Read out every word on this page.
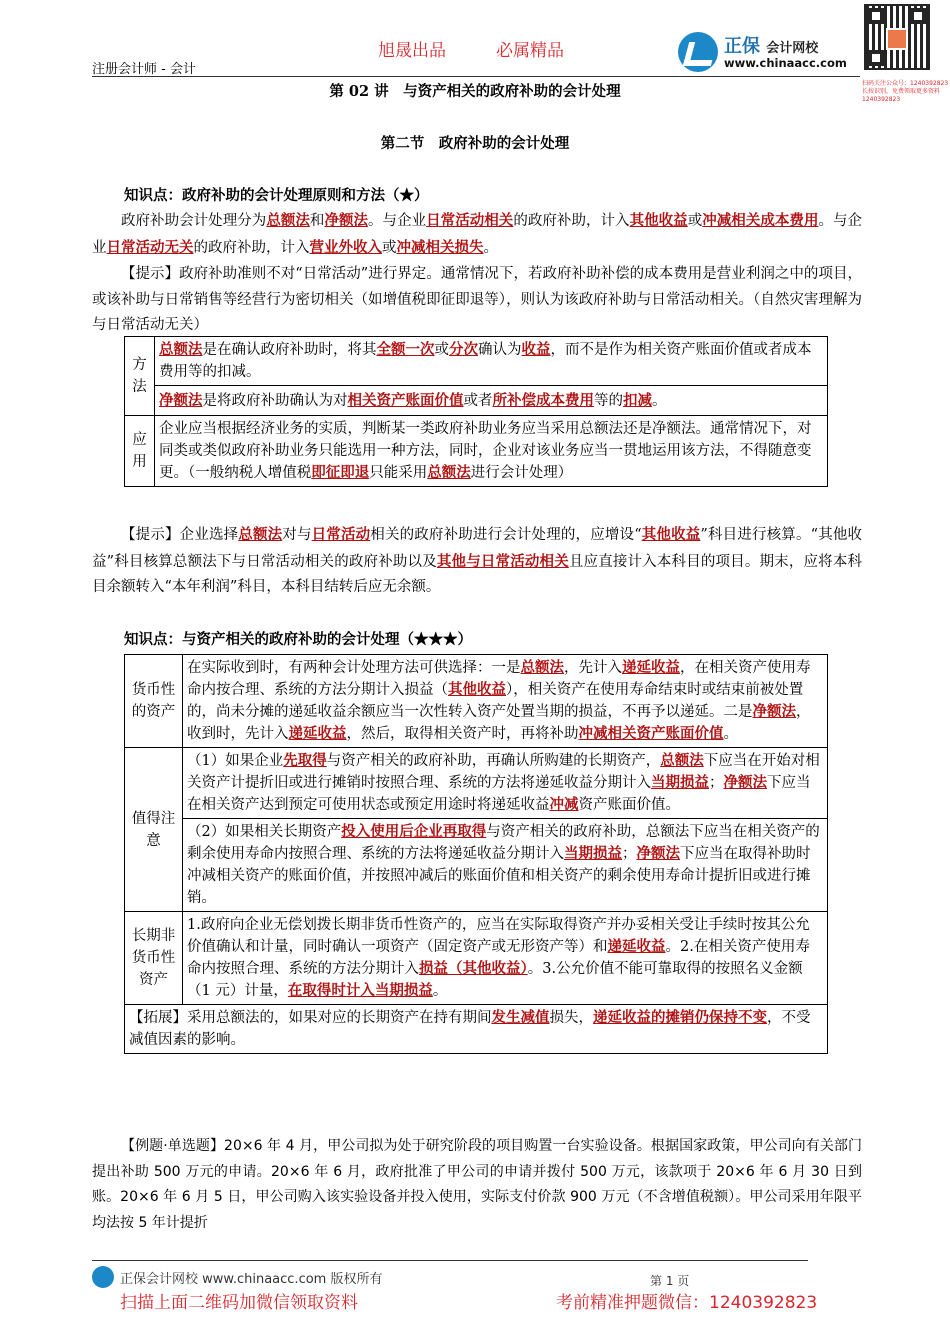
旭晟出品	必属精品
注册会计师 - 会计
正保 会计网校
www.chinaacc.com
扫码关注公众号：1240392823 长按识别，免费领取更多资料 1240392823
第 02 讲　与资产相关的政府补助的会计处理
第二节　政府补助的会计处理
知识点：政府补助的会计处理原则和方法（★）
政府补助会计处理分为总额法和净额法。与企业日常活动相关的政府补助，计入其他收益或冲减相关成本费用。与企业日常活动无关的政府补助，计入营业外收入或冲减相关损失。
【提示】政府补助准则不对“日常活动”进行界定。通常情况下，若政府补助补偿的成本费用是营业利润之中的项目，或该补助与日常销售等经营行为密切相关（如增值税即征即退等），则认为该政府补助与日常活动相关。（自然灾害理解为与日常活动无关）
方法	总额法是在确认政府补助时，将其全额一次或分次确认为收益，而不是作为相关资产账面价值或者成本费用等的扣减。
	净额法是将政府补助确认为对相关资产账面价值或者所补偿成本费用等的扣减。
应用	企业应当根据经济业务的实质，判断某一类政府补助业务应当采用总额法还是净额法。通常情况下，对同类或类似政府补助业务只能选用一种方法，同时，企业对该业务应当一贯地运用该方法，不得随意变更。（一般纳税人增值税即征即退只能采用总额法进行会计处理）
【提示】企业选择总额法对与日常活动相关的政府补助进行会计处理的，应增设“其他收益”科目进行核算。“其他收益”科目核算总额法下与日常活动相关的政府补助以及其他与日常活动相关且应直接计入本科目的项目。期末，应将本科目余额转入“本年利润”科目，本科目结转后应无余额。
知识点：与资产相关的政府补助的会计处理（★★★）
货币性的资产	在实际收到时，有两种会计处理方法可供选择：一是总额法，先计入递延收益，在相关资产使用寿命内按合理、系统的方法分期计入损益（其他收益），相关资产在使用寿命结束时或结束前被处置的，尚未分摊的递延收益余额应当一次性转入资产处置当期的损益，不再予以递延。二是净额法，收到时，先计入递延收益，然后，取得相关资产时，再将补助冲减相关资产账面价值。
值得注意	（1）如果企业先取得与资产相关的政府补助，再确认所购建的长期资产，总额法下应当在开始对相关资产计提折旧或进行摊销时按照合理、系统的方法将递延收益分期计入当期损益；净额法下应当在相关资产达到预定可使用状态或预定用途时将递延收益冲减资产账面价值。
	（2）如果相关长期资产投入使用后企业再取得与资产相关的政府补助，总额法下应当在相关资产的剩余使用寿命内按照合理、系统的方法将递延收益分期计入当期损益；净额法下应当在取得补助时冲减相关资产的账面价值，并按照冲减后的账面价值和相关资产的剩余使用寿命计提折旧或进行摊销。
长期非货币性资产	1.政府向企业无偿划拨长期非货币性资产的，应当在实际取得资产并办妥相关受让手续时按其公允价值确认和计量，同时确认一项资产（固定资产或无形资产等）和递延收益。2.在相关资产使用寿命内按照合理、系统的方法分期计入损益（其他收益）。3.公允价值不能可靠取得的按照名义金额（1 元）计量，在取得时计入当期损益。
【拓展】采用总额法的，如果对应的长期资产在持有期间发生减值损失，递延收益的摊销仍保持不变，不受减值因素的影响。	
【例题·单选题】20×6 年 4 月，甲公司拟为处于研究阶段的项目购置一台实验设备。根据国家政策，甲公司向有关部门提出补助 500 万元的申请。20×6 年 6 月，政府批准了甲公司的申请并拨付 500 万元，该款项于 20×6 年 6 月 30 日到账。20×6 年 6 月 5 日，甲公司购入该实验设备并投入使用，实际支付价款 900 万元（不含增值税额）。甲公司采用年限平均法按 5 年计提折
正保会计网校 www.chinaacc.com 版权所有	第 1 页
扫描上面二维码加微信领取资料	考前精准押题微信：1240392823
